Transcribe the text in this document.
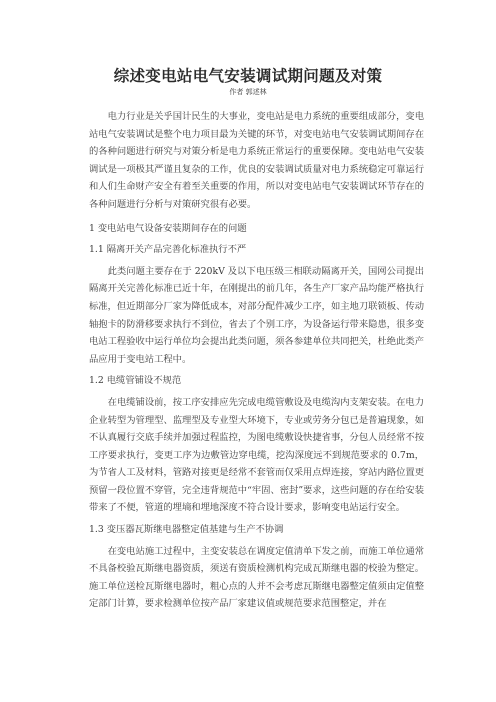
综述变电站电气安装调试期问题及对策
作者 郭述林

电力行业是关乎国计民生的大事业，变电站是电力系统的重要组成部分，变电站电气安装调试是整个电力项目最为关键的环节，对变电站电气安装调试期间存在的各种问题进行研究与对策分析是电力系统正常运行的重要保障。变电站电气安装调试是一项极其严谨且复杂的工作，优良的安装调试质量对电力系统稳定可靠运行和人们生命财产安全有着至关重要的作用，所以对变电站电气安装调试环节存在的各种问题进行分析与对策研究很有必要。

1 变电站电气设备安装期间存在的问题

1.1 隔离开关产品完善化标准执行不严

此类问题主要存在于 220kV 及以下电压级三相联动隔离开关，国网公司提出隔离开关完善化标准已近十年，在刚提出的前几年，各生产厂家产品均能严格执行标准，但近期部分厂家为降低成本，对部分配件减少工序，如主地刀联锁板、传动轴抱卡的防滑移要求执行不到位，省去了个别工序，为设备运行带来隐患，很多变电站工程验收中运行单位均会提出此类问题，须各参建单位共同把关，杜绝此类产品应用于变电站工程中。

1.2 电缆管铺设不规范

在电缆铺设前，按工序安排应先完成电缆管敷设及电缆沟内支架安装。在电力企业转型为管理型、监理型及专业型大环境下，专业或劳务分包已是普遍现象，如不认真履行交底手续并加强过程监控，为图电缆敷设快捷省事，分包人员经常不按工序要求执行，变更工序为边敷管边穿电缆，挖沟深度远不到规范要求的 0.7m，为节省人工及材料，管路对接更是经常不套管而仅采用点焊连接，穿站内路位置更预留一段位置不穿管，完全违背规范中“牢固、密封”要求，这些问题的存在给安装带来了不便，管道的埋墒和埋地深度不符合设计要求，影响变电站运行安全。

1.3 变压器瓦斯继电器整定值基建与生产不协调

在变电站施工过程中，主变安装总在调度定值清单下发之前，而施工单位通常不具备校验瓦斯继电器资质，须送有资质检测机构完成瓦斯继电器的校验为整定。施工单位送检瓦斯继电器时，粗心点的人并不会考虑瓦斯继电器整定值须由定值整定部门计算，要求检测单位按产品厂家建议值或规范要求范围整定，并在
